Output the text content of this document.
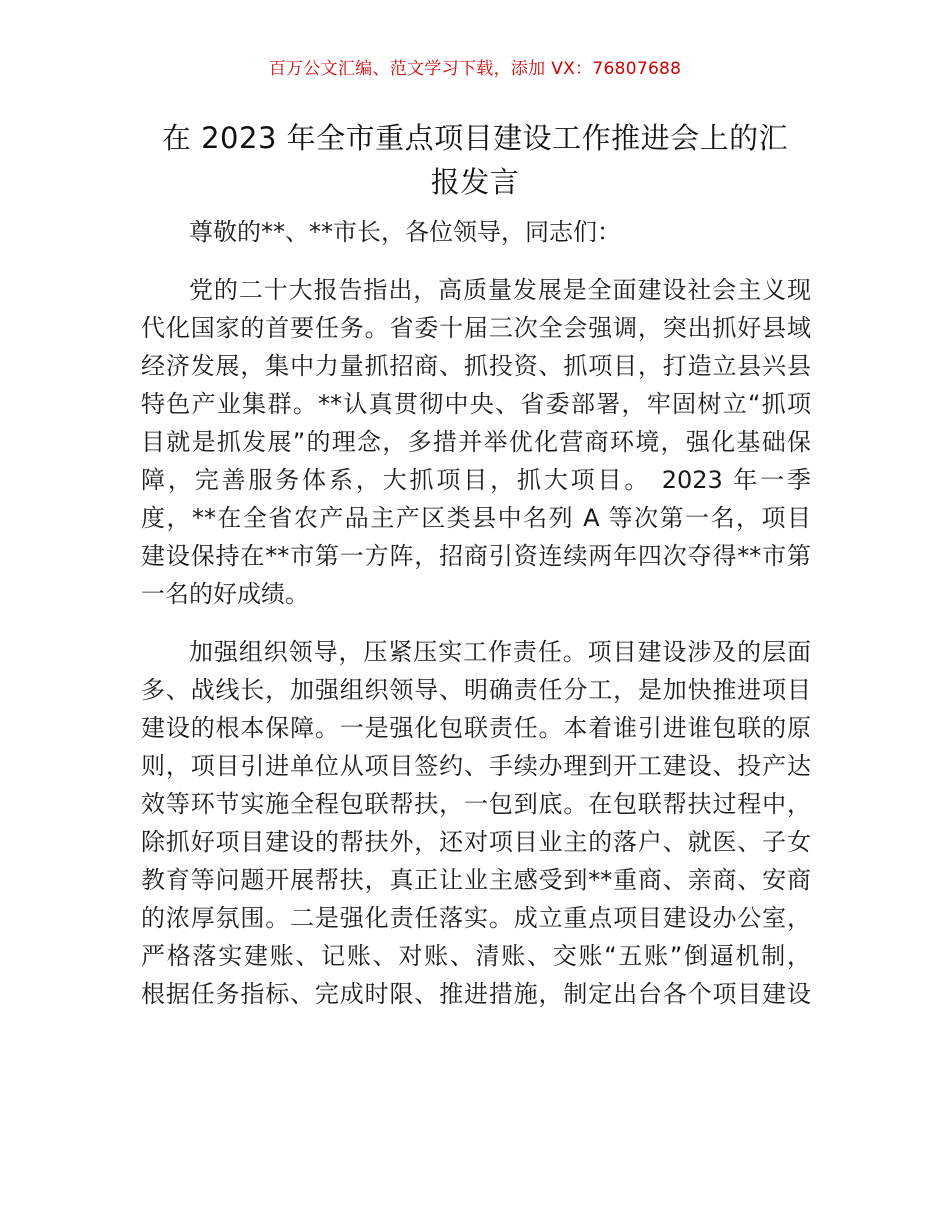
百万公文汇编、范文学习下载，添加 VX：76807688
在 2023 年全市重点项目建设工作推进会上的汇
报发言

尊敬的**、**市长，各位领导，同志们：

党的二十大报告指出，高质量发展是全面建设社会主义现
代化国家的首要任务。省委十届三次全会强调，突出抓好县域
经济发展，集中力量抓招商、抓投资、抓项目，打造立县兴县
特色产业集群。**认真贯彻中央、省委部署，牢固树立“抓项
目就是抓发展”的理念，多措并举优化营商环境，强化基础保
障，完善服务体系，大抓项目，抓大项目。 2023 年一季
度，**在全省农产品主产区类县中名列 A 等次第一名，项目
建设保持在**市第一方阵，招商引资连续两年四次夺得**市第
一名的好成绩。

加强组织领导，压紧压实工作责任。项目建设涉及的层面
多、战线长，加强组织领导、明确责任分工，是加快推进项目
建设的根本保障。一是强化包联责任。本着谁引进谁包联的原
则，项目引进单位从项目签约、手续办理到开工建设、投产达
效等环节实施全程包联帮扶，一包到底。在包联帮扶过程中，
除抓好项目建设的帮扶外，还对项目业主的落户、就医、子女
教育等问题开展帮扶，真正让业主感受到**重商、亲商、安商
的浓厚氛围。二是强化责任落实。成立重点项目建设办公室，
严格落实建账、记账、对账、清账、交账“五账”倒逼机制，
根据任务指标、完成时限、推进措施，制定出台各个项目建设
